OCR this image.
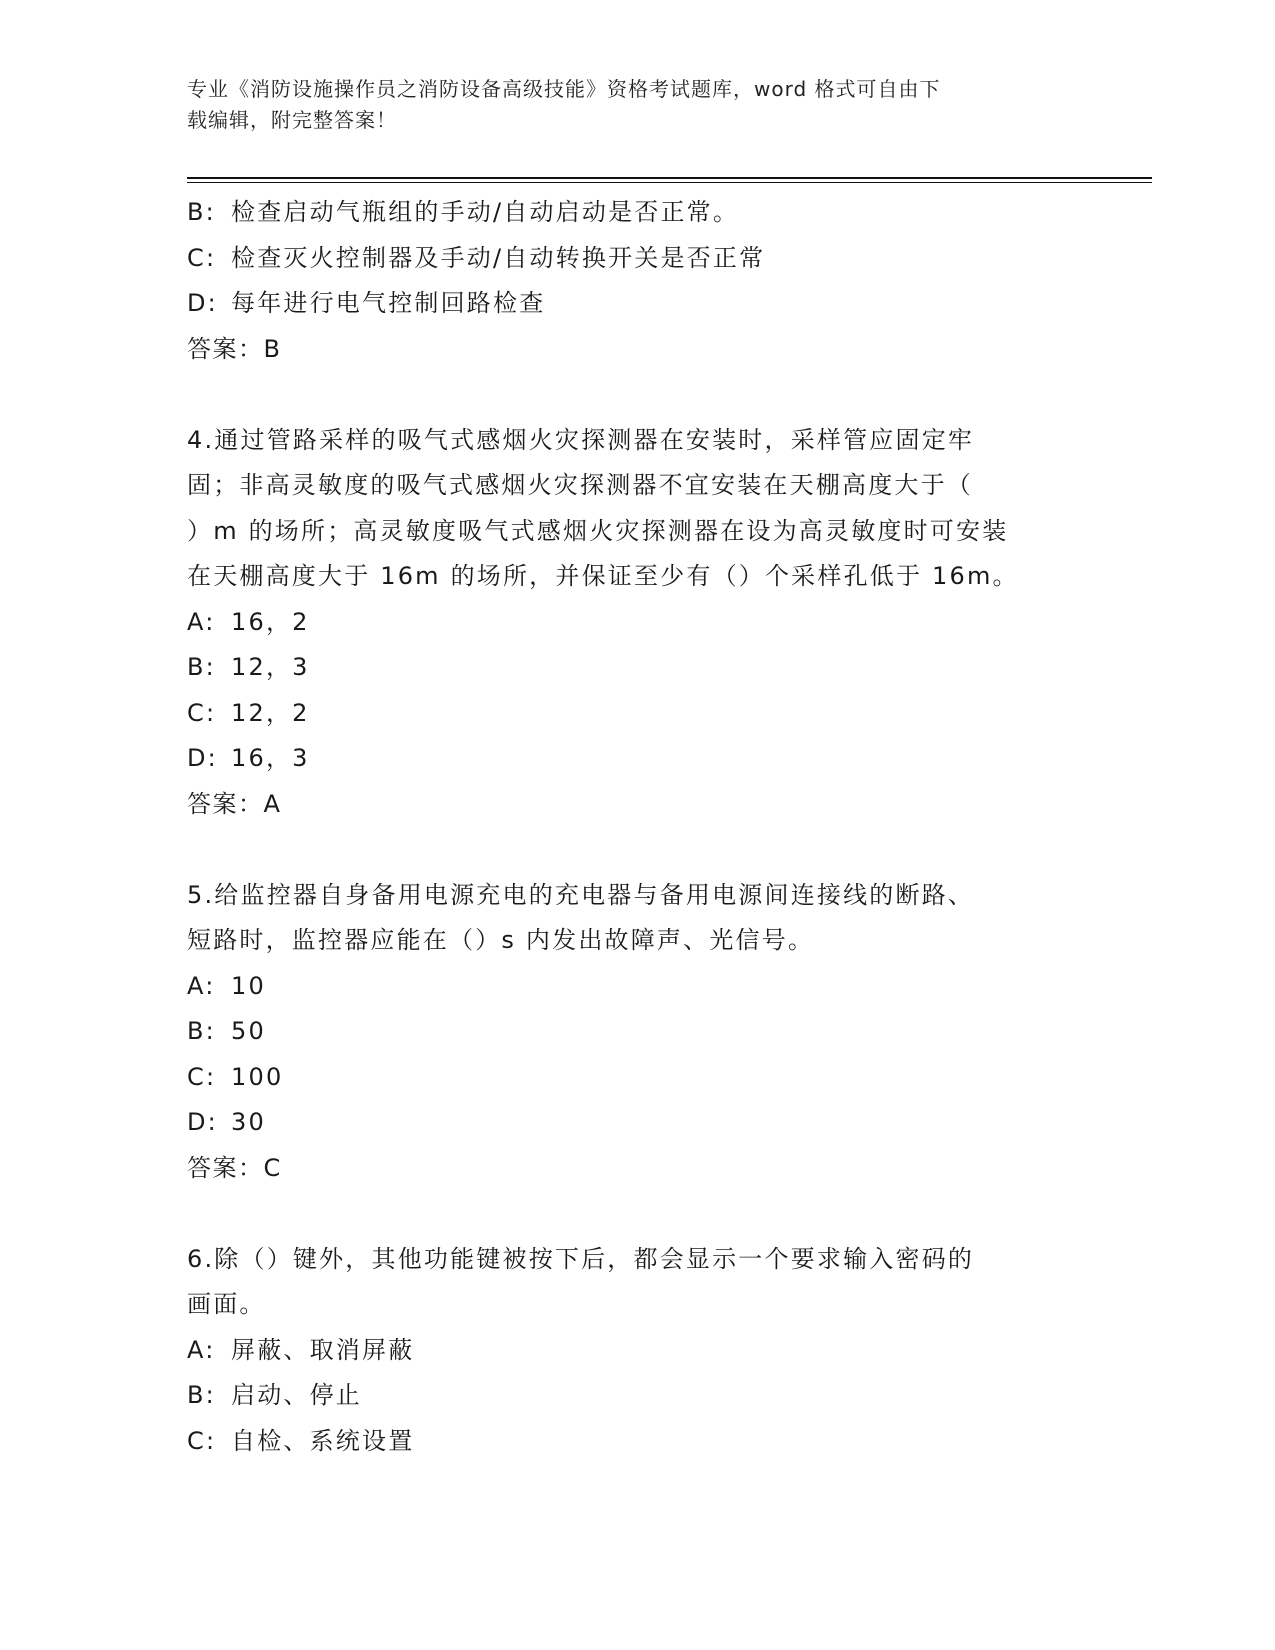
专业《消防设施操作员之消防设备高级技能》资格考试题库，word 格式可自由下
载编辑，附完整答案！
B: 检查启动气瓶组的手动/自动启动是否正常。
C: 检查灭火控制器及手动/自动转换开关是否正常
D: 每年进行电气控制回路检查
答案：B
4.通过管路采样的吸气式感烟火灾探测器在安装时，采样管应固定牢
固；非高灵敏度的吸气式感烟火灾探测器不宜安装在天棚高度大于（
）m 的场所；高灵敏度吸气式感烟火灾探测器在设为高灵敏度时可安装
在天棚高度大于 16m 的场所，并保证至少有（）个采样孔低于 16m。
A: 16，2
B: 12，3
C: 12，2
D: 16，3
答案：A
5.给监控器自身备用电源充电的充电器与备用电源间连接线的断路、
短路时，监控器应能在（）s 内发出故障声、光信号。
A: 10
B: 50
C: 100
D: 30
答案：C
6.除（）键外，其他功能键被按下后，都会显示一个要求输入密码的
画面。
A: 屏蔽、取消屏蔽
B: 启动、停止
C: 自检、系统设置
